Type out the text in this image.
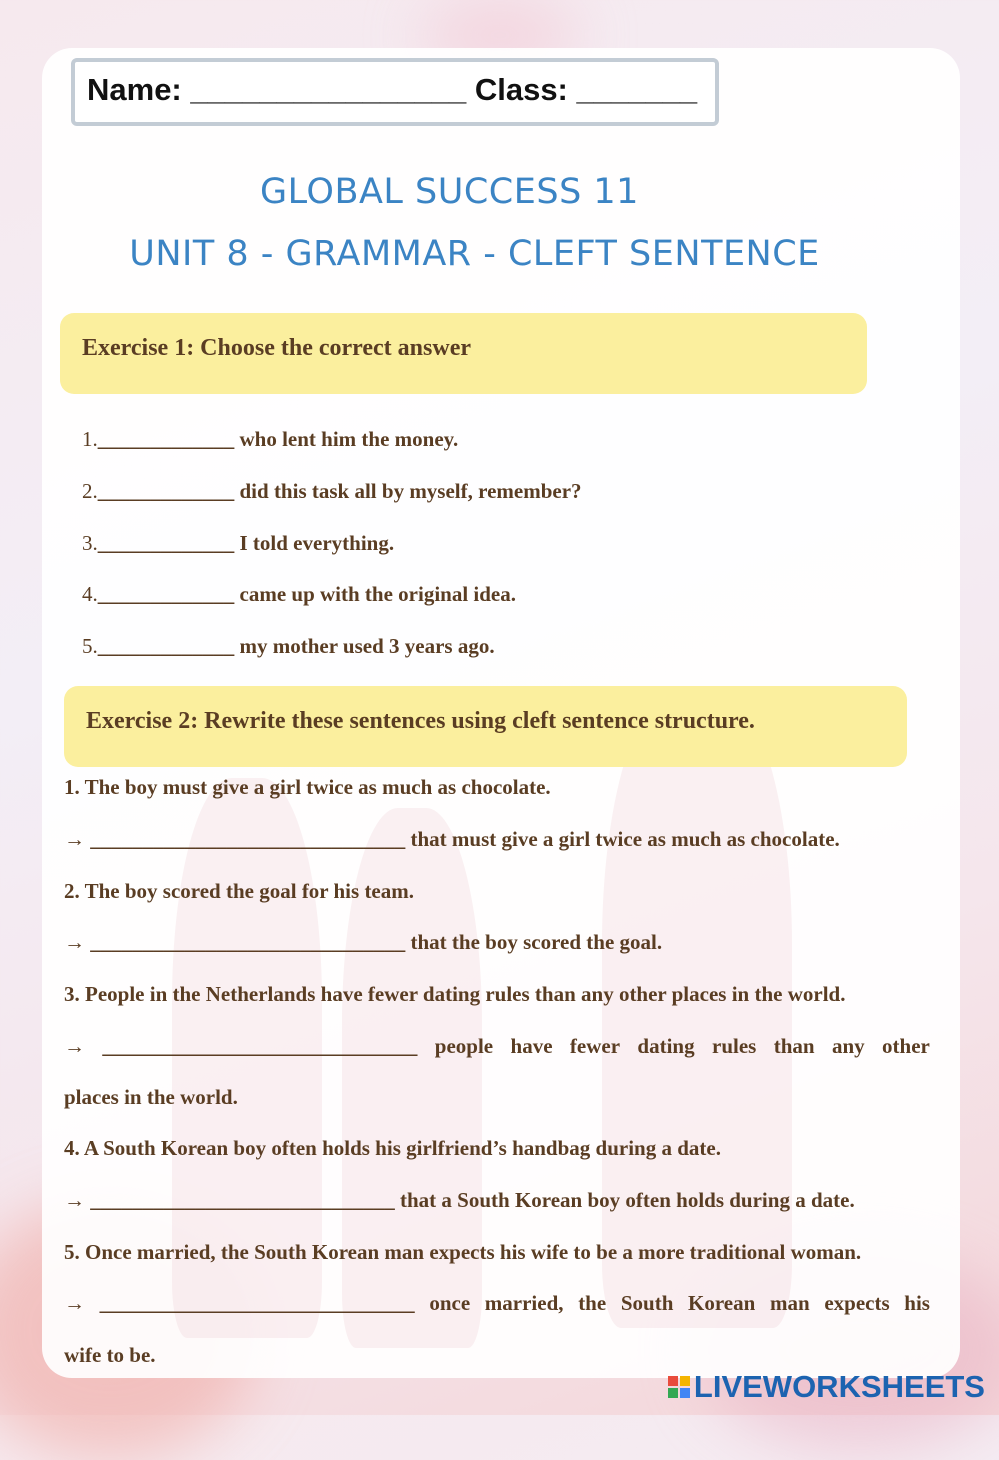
Name: ________________ Class: _______
GLOBAL SUCCESS 11
UNIT 8 - GRAMMAR - CLEFT SENTENCE
Exercise 1: Choose the correct answer
1._____________ who lent him the money.
2._____________ did this task all by myself, remember?
3._____________ I told everything.
4._____________ came up with the original idea.
5._____________ my mother used 3 years ago.
Exercise 2: Rewrite these sentences using cleft sentence structure.
1. The boy must give a girl twice as much as chocolate.
→ ______________________________ that must give a girl twice as much as chocolate.
2. The boy scored the goal for his team.
→ ______________________________ that the boy scored the goal.
3. People in the Netherlands have fewer dating rules than any other places in the world.
→ ______________________________ people have fewer dating rules than any other
places in the world.
4. A South Korean boy often holds his girlfriend’s handbag during a date.
→ _____________________________ that a South Korean boy often holds during a date.
5. Once married, the South Korean man expects his wife to be a more traditional woman.
→ ______________________________ once married, the South Korean man expects his
wife to be.
LIVEWORKSHEETS
